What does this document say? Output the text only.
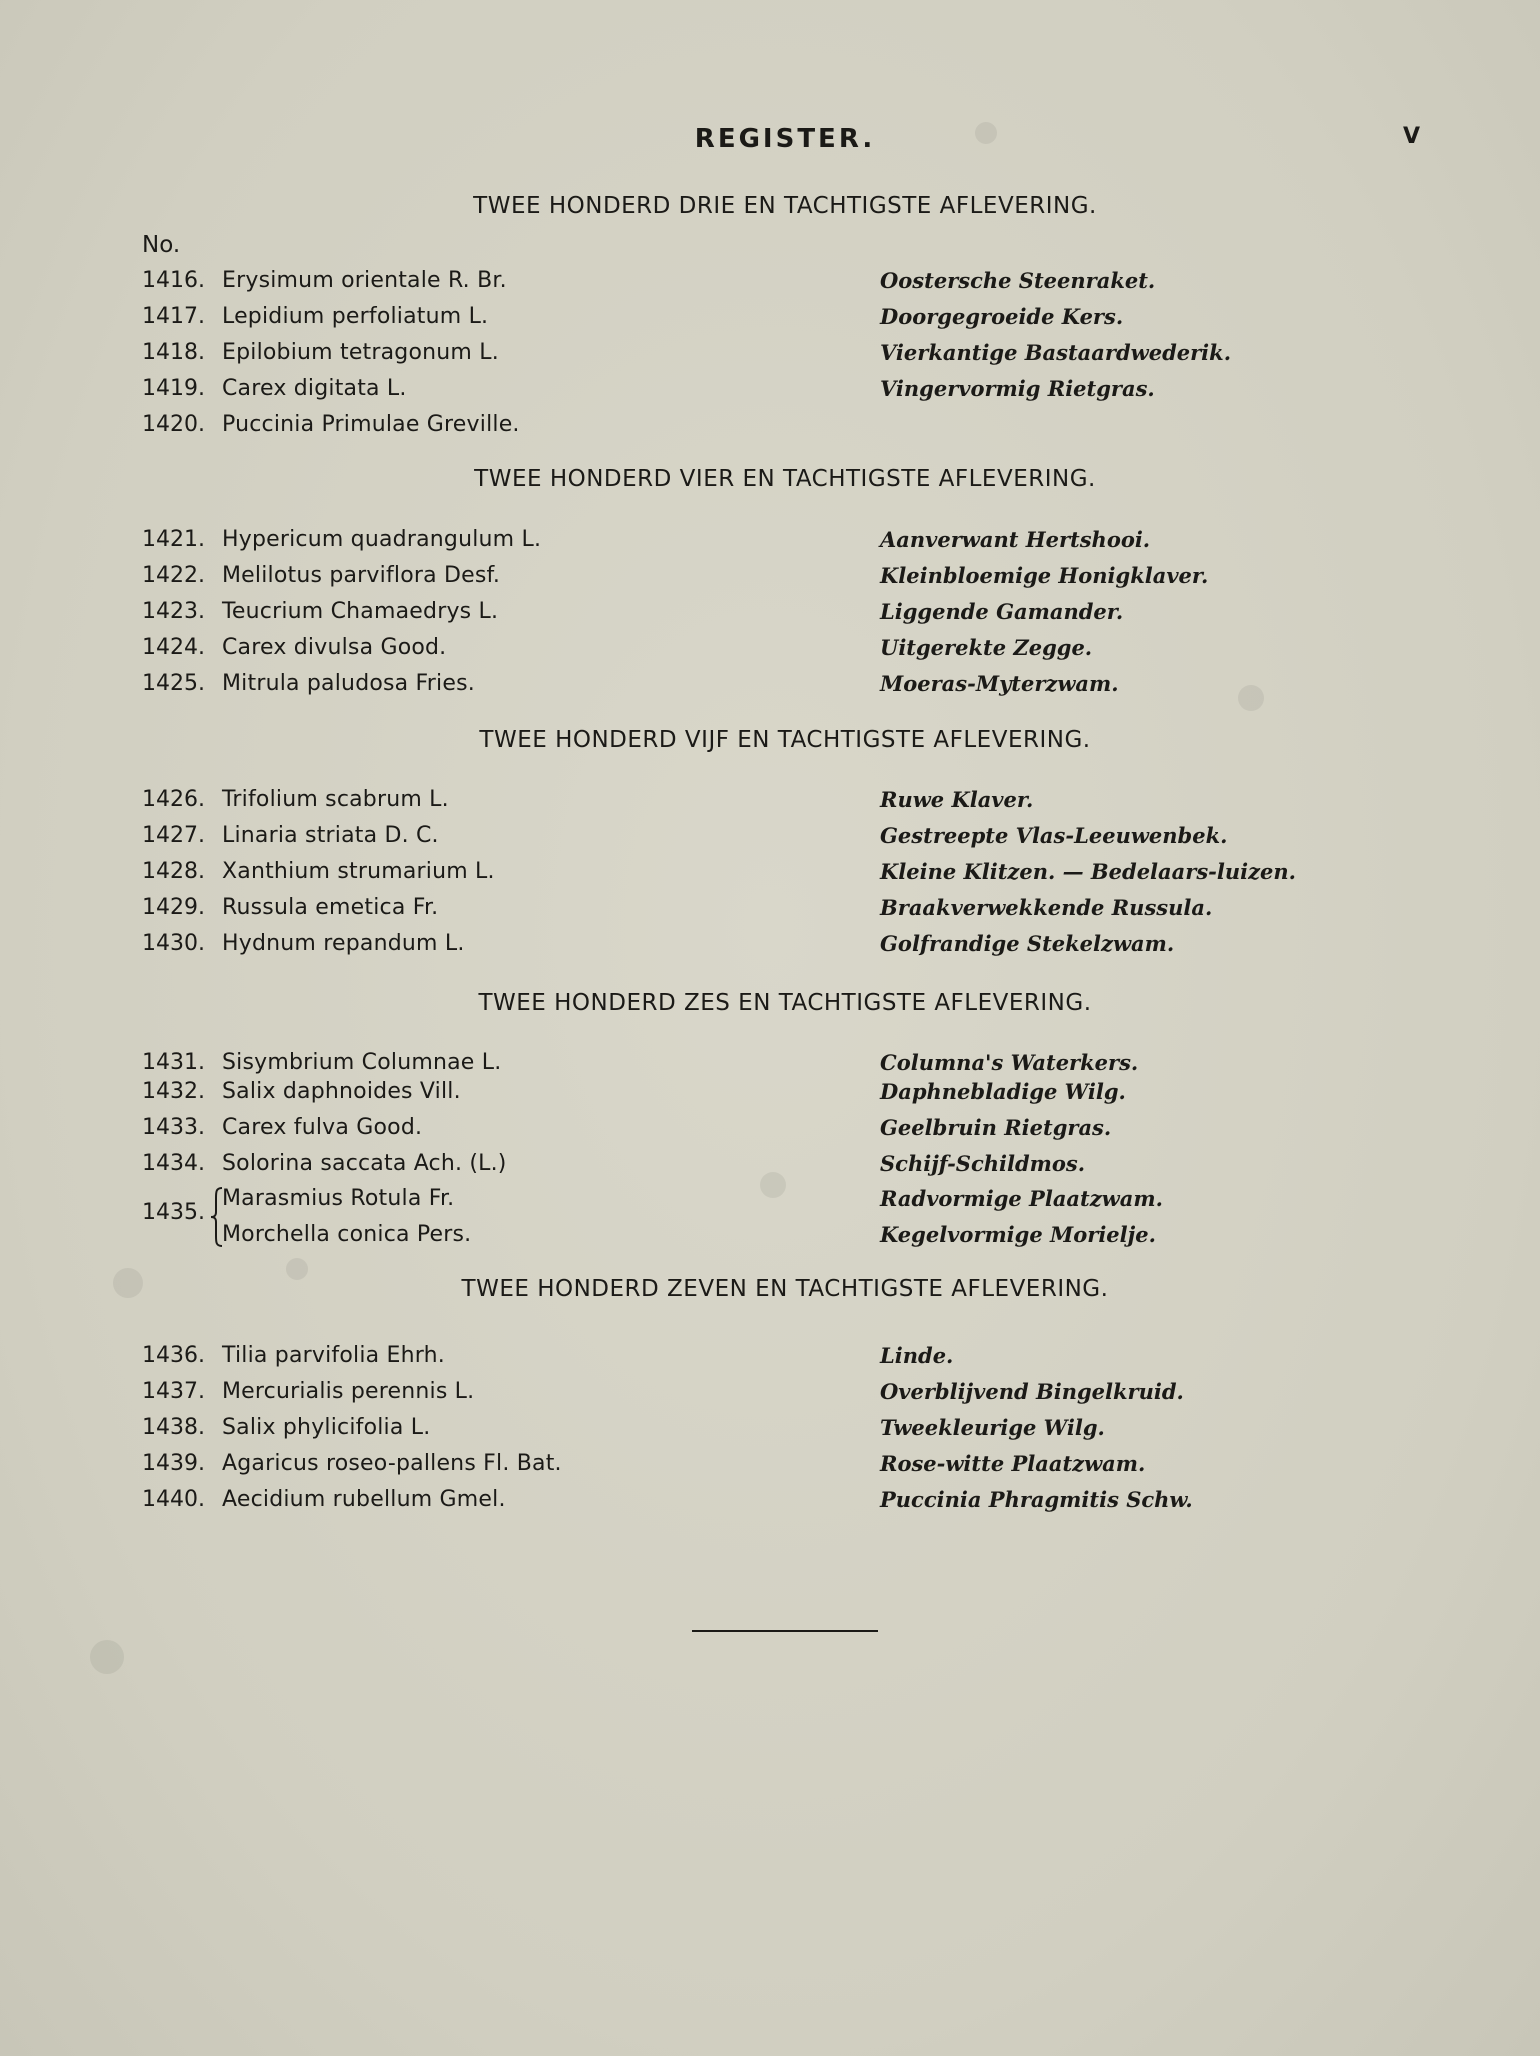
REGISTER.	V
No.
TWEE HONDERD DRIE EN TACHTIGSTE AFLEVERING.
1416. Erysimum orientale R. Br.	Oostersche Steenraket.
1417. Lepidium perfoliatum L.	Doorgegroeide Kers.
1418. Epilobium tetragonum L.	Vierkantige Bastaardwederik.
1419. Carex digitata L.	Vingervormig Rietgras.
1420. Puccinia Primulae Greville.
TWEE HONDERD VIER EN TACHTIGSTE AFLEVERING.
1421. Hypericum quadrangulum L.	Aanverwant Hertshooi.
1422. Melilotus parviflora Desf.	Kleinbloemige Honigklaver.
1423. Teucrium Chamaedrys L.	Liggende Gamander.
1424. Carex divulsa Good.	Uitgerekte Zegge.
1425. Mitrula paludosa Fries.	Moeras-Myterzwam.
TWEE HONDERD VIJF EN TACHTIGSTE AFLEVERING.
1426. Trifolium scabrum L.	Ruwe Klaver.
1427. Linaria striata D. C.	Gestreepte Vlas-Leeuwenbek.
1428. Xanthium strumarium L.	Kleine Klitzen. — Bedelaars-luizen.
1429. Russula emetica Fr.	Braakverwekkende Russula.
1430. Hydnum repandum L.	Golfrandige Stekelzwam.
TWEE HONDERD ZES EN TACHTIGSTE AFLEVERING.
1431. Sisymbrium Columnae L.	Columna's Waterkers.
1432. Salix daphnoides Vill.	Daphnebladige Wilg.
1433. Carex fulva Good.	Geelbruin Rietgras.
1434. Solorina saccata Ach. (L.)	Schijf-Schildmos.
1435.
Marasmius Rotula Fr.	Radvormige Plaatzwam.
Morchella conica Pers.	Kegelvormige Morielje.
TWEE HONDERD ZEVEN EN TACHTIGSTE AFLEVERING.
1436. Tilia parvifolia Ehrh.	Linde.
1437. Mercurialis perennis L.	Overblijvend Bingelkruid.
1438. Salix phylicifolia L.	Tweekleurige Wilg.
1439. Agaricus roseo-pallens Fl. Bat.	Rose-witte Plaatzwam.
1440. Aecidium rubellum Gmel.	Puccinia Phragmitis Schw.
